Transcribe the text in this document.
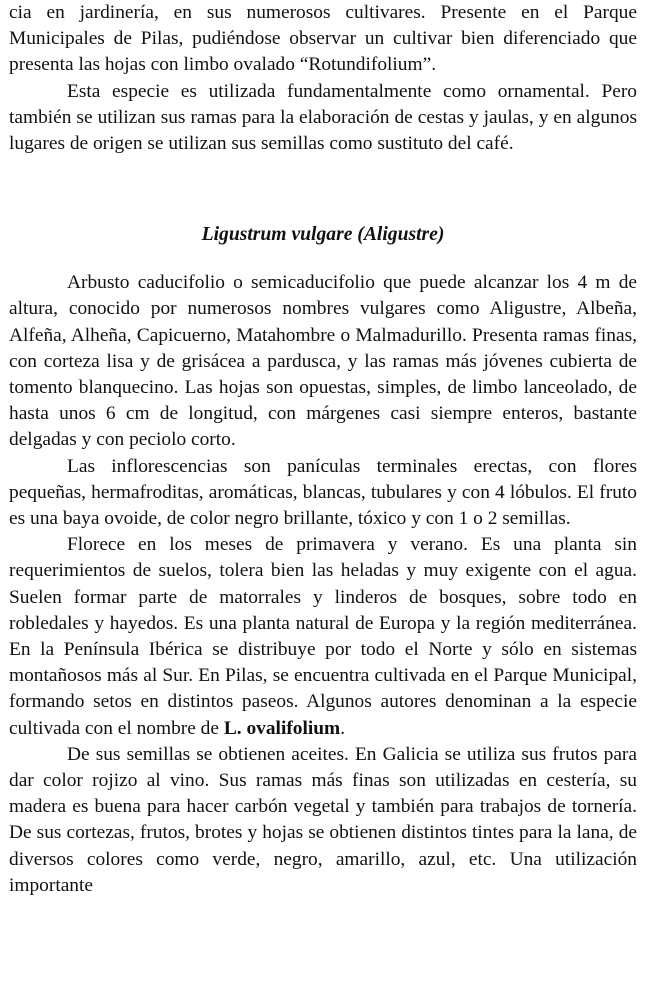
cia en jardinería, en sus numerosos cultivares. Presente en el Parque Municipales de Pilas, pudiéndose observar un cultivar bien diferenciado que presenta las hojas con limbo ovalado “Rotundifolium”.

Esta especie es utilizada fundamentalmente como ornamental. Pero también se utilizan sus ramas para la elaboración de cestas y jaulas, y en algunos lugares de origen se utilizan sus semillas como sustituto del café.

Ligustrum vulgare (Aligustre)

Arbusto caducifolio o semicaducifolio que puede alcanzar los 4 m de altura, conocido por numerosos nombres vulgares como Aligustre, Albeña, Alfeña, Alheña, Capicuerno, Matahombre o Malmadurillo. Presenta ramas finas, con corteza lisa y de grisácea a pardusca, y las ramas más jóvenes cubierta de tomento blanquecino. Las hojas son opuestas, simples, de limbo lanceolado, de hasta unos 6 cm de longitud, con márgenes casi siempre enteros, bastante delgadas y con peciolo corto.

Las inflorescencias son panículas terminales erectas, con flores pequeñas, hermafroditas, aromáticas, blancas, tubulares y con 4 lóbulos. El fruto es una baya ovoide, de color negro brillante, tóxico y con 1 o 2 semillas.

Florece en los meses de primavera y verano. Es una planta sin requerimientos de suelos, tolera bien las heladas y muy exigente con el agua. Suelen formar parte de matorrales y linderos de bosques, sobre todo en robledales y hayedos. Es una planta natural de Europa y la región mediterránea. En la Península Ibérica se distribuye por todo el Norte y sólo en sistemas montañosos más al Sur. En Pilas, se encuentra cultivada en el Parque Municipal, formando setos en distintos paseos. Algunos autores denominan a la especie cultivada con el nombre de L. ovalifolium.

De sus semillas se obtienen aceites. En Galicia se utiliza sus frutos para dar color rojizo al vino. Sus ramas más finas son utilizadas en cestería, su madera es buena para hacer carbón vegetal y también para trabajos de tornería. De sus cortezas, frutos, brotes y hojas se obtienen distintos tintes para la lana, de diversos colores como verde, negro, amarillo, azul, etc. Una utilización importante
